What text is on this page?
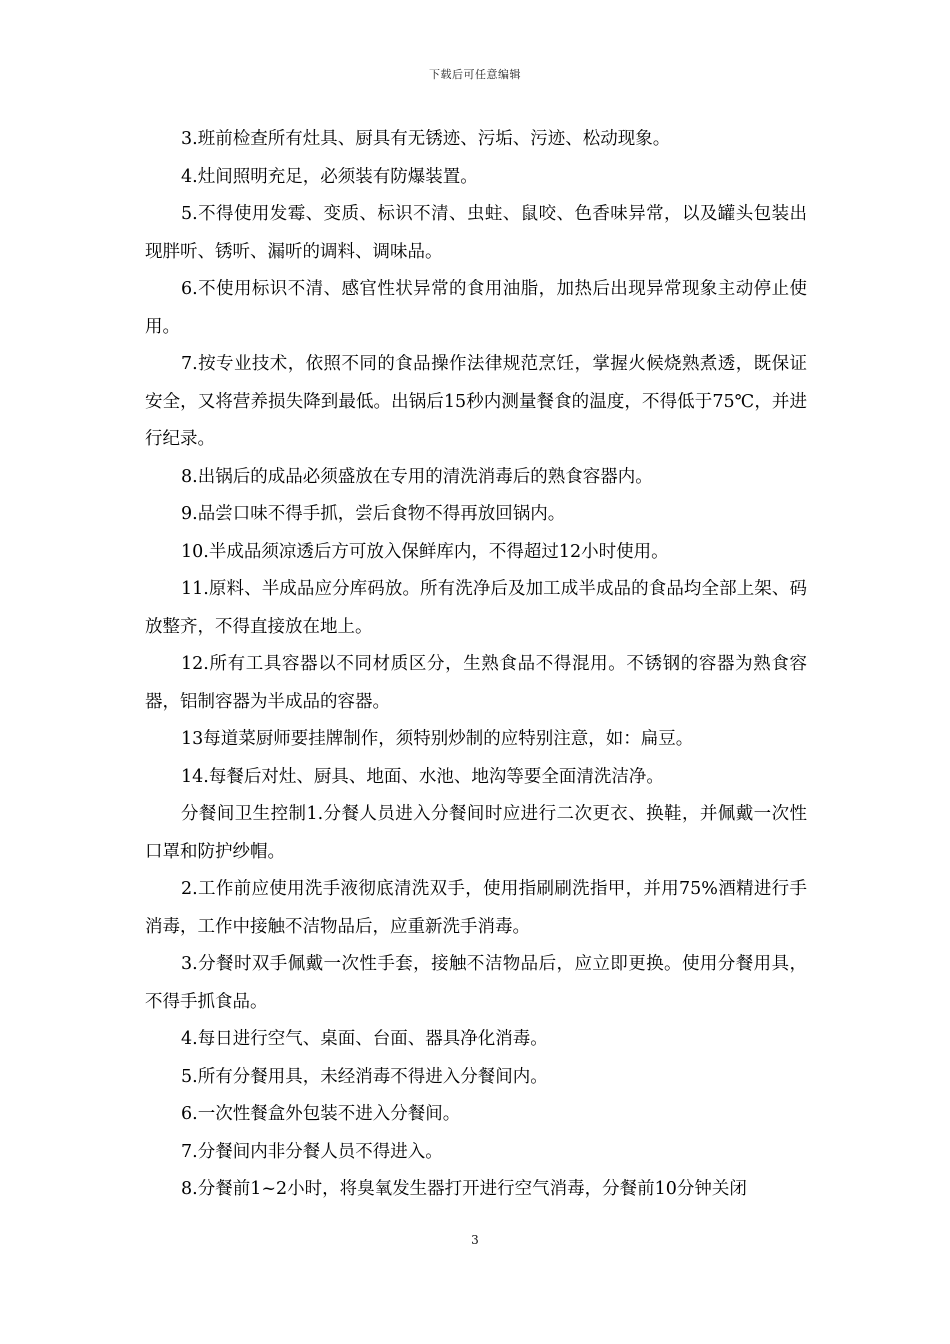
下载后可任意编辑

3.班前检查所有灶具、厨具有无锈迹、污垢、污迹、松动现象。

4.灶间照明充足，必须装有防爆装置。

5.不得使用发霉、变质、标识不清、虫蛀、鼠咬、色香味异常，以及罐头包装出现胖听、锈听、漏听的调料、调味品。

6.不使用标识不清、感官性状异常的食用油脂，加热后出现异常现象主动停止使用。

7.按专业技术，依照不同的食品操作法律规范烹饪，掌握火候烧熟煮透，既保证安全，又将营养损失降到最低。出锅后15秒内测量餐食的温度，不得低于75℃，并进行纪录。

8.出锅后的成品必须盛放在专用的清洗消毒后的熟食容器内。

9.品尝口味不得手抓，尝后食物不得再放回锅内。

10.半成品须凉透后方可放入保鲜库内，不得超过12小时使用。

11.原料、半成品应分库码放。所有洗净后及加工成半成品的食品均全部上架、码放整齐，不得直接放在地上。

12.所有工具容器以不同材质区分，生熟食品不得混用。不锈钢的容器为熟食容器，铝制容器为半成品的容器。

13每道菜厨师要挂牌制作，须特别炒制的应特别注意，如：扁豆。

14.每餐后对灶、厨具、地面、水池、地沟等要全面清洗洁净。

分餐间卫生控制1.分餐人员进入分餐间时应进行二次更衣、换鞋，并佩戴一次性口罩和防护纱帽。

2.工作前应使用洗手液彻底清洗双手，使用指刷刷洗指甲，并用75%酒精进行手消毒，工作中接触不洁物品后，应重新洗手消毒。

3.分餐时双手佩戴一次性手套，接触不洁物品后，应立即更换。使用分餐用具，不得手抓食品。

4.每日进行空气、桌面、台面、器具净化消毒。

5.所有分餐用具，未经消毒不得进入分餐间内。

6.一次性餐盒外包装不进入分餐间。

7.分餐间内非分餐人员不得进入。

8.分餐前1~2小时，将臭氧发生器打开进行空气消毒，分餐前10分钟关闭

3
